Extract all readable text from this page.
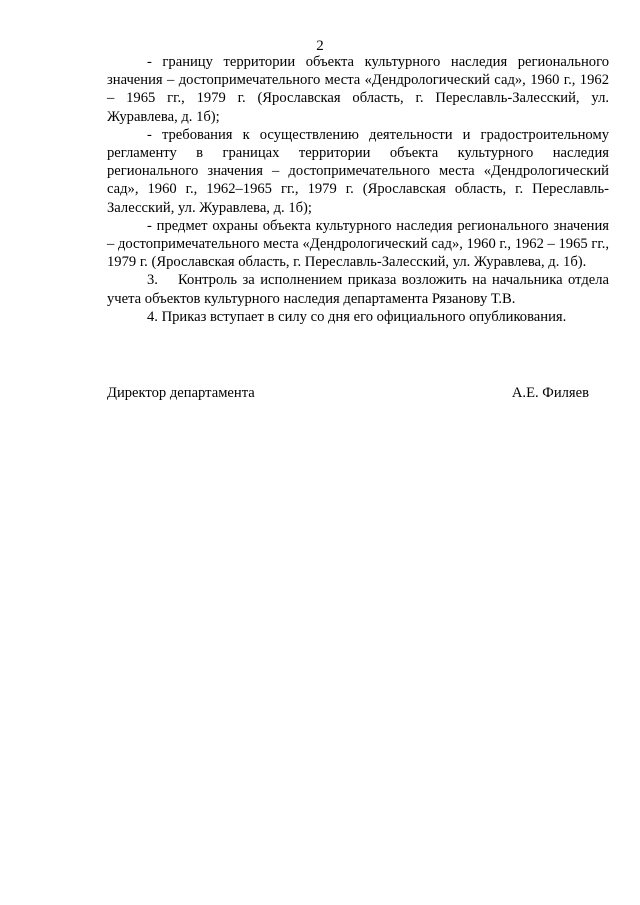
2

- границу территории объекта культурного наследия регионального значения – достопримечательного места «Дендрологический сад», 1960 г., 1962 – 1965 гг., 1979 г. (Ярославская область, г. Переславль-Залесский, ул. Журавлева, д. 1б);

- требования к осуществлению деятельности и градостроительному регламенту в границах территории объекта культурного наследия регионального значения – достопримечательного места «Дендрологический сад», 1960 г., 1962–1965 гг., 1979 г. (Ярославская область, г. Переславль-Залесский, ул. Журавлева, д. 1б);

- предмет охраны объекта культурного наследия регионального значения – достопримечательного места «Дендрологический сад», 1960 г., 1962 – 1965 гг., 1979 г. (Ярославская область, г. Переславль-Залесский, ул. Журавлева, д. 1б).

3.  Контроль за исполнением приказа возложить на начальника отдела учета объектов культурного наследия департамента Рязанову Т.В.

4. Приказ вступает в силу со дня его официального опубликования.

Директор департамента	А.Е. Филяев
